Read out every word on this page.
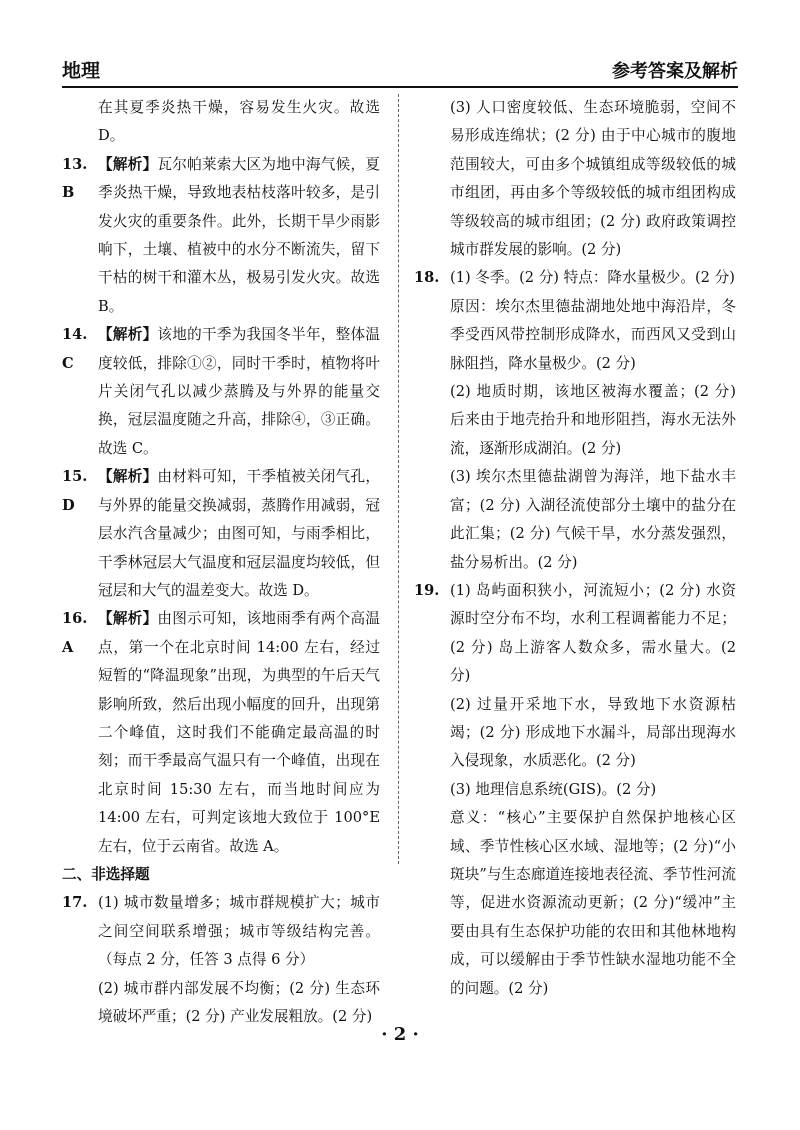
地理	参考答案及解析

在其夏季炎热干燥，容易发生火灾。故选 D。

13. B
【解析】瓦尔帕莱索大区为地中海气候，夏季炎热干燥，导致地表枯枝落叶较多，是引发火灾的重要条件。此外，长期干旱少雨影响下，土壤、植被中的水分不断流失，留下干枯的树干和灌木丛，极易引发火灾。故选 B。
14. C
【解析】该地的干季为我国冬半年，整体温度较低，排除①②，同时干季时，植物将叶片关闭气孔以减少蒸腾及与外界的能量交换，冠层温度随之升高，排除④，③正确。故选 C。
15. D
【解析】由材料可知，干季植被关闭气孔，与外界的能量交换减弱，蒸腾作用减弱，冠层水汽含量减少；由图可知，与雨季相比，干季林冠层大气温度和冠层温度均较低，但冠层和大气的温差变大。故选 D。
16. A
【解析】由图示可知，该地雨季有两个高温点，第一个在北京时间 14:00 左右，经过短暂的“降温现象”出现，为典型的午后天气影响所致，然后出现小幅度的回升，出现第二个峰值，这时我们不能确定最高温的时刻；而干季最高气温只有一个峰值，出现在北京时间 15:30 左右，而当地时间应为 14:00 左右，可判定该地大致位于 100°E 左右，位于云南省。故选 A。

二、非选择题

17. (1) 城市数量增多；城市群规模扩大；城市之间空间联系增强；城市等级结构完善。（每点 2 分，任答 3 点得 6 分）

(2) 城市群内部发展不均衡；(2 分) 生态环境破坏严重；(2 分) 产业发展粗放。(2 分)

(3) 人口密度较低、生态环境脆弱，空间不易形成连绵状；(2 分) 由于中心城市的腹地范围较大，可由多个城镇组成等级较低的城市组团，再由多个等级较低的城市组团构成等级较高的城市组团；(2 分) 政府政策调控城市群发展的影响。(2 分)

18. (1) 冬季。(2 分) 特点：降水量极少。(2 分)

原因：埃尔杰里德盐湖地处地中海沿岸，冬季受西风带控制形成降水，而西风又受到山脉阻挡，降水量极少。(2 分)

(2) 地质时期，该地区被海水覆盖；(2 分) 后来由于地壳抬升和地形阻挡，海水无法外流，逐渐形成湖泊。(2 分)

(3) 埃尔杰里德盐湖曾为海洋，地下盐水丰富；(2 分) 入湖径流使部分土壤中的盐分在此汇集；(2 分) 气候干旱，水分蒸发强烈，盐分易析出。(2 分)

19. (1) 岛屿面积狭小，河流短小；(2 分) 水资源时空分布不均，水利工程调蓄能力不足；(2 分) 岛上游客人数众多，需水量大。(2 分)

(2) 过量开采地下水，导致地下水资源枯竭；(2 分) 形成地下水漏斗，局部出现海水入侵现象，水质恶化。(2 分)

(3) 地理信息系统(GIS)。(2 分)

意义：“核心”主要保护自然保护地核心区域、季节性核心区水域、湿地等；(2 分)“小斑块”与生态廊道连接地表径流、季节性河流等，促进水资源流动更新；(2 分)“缓冲”主要由具有生态保护功能的农田和其他林地构成，可以缓解由于季节性缺水湿地功能不全的问题。(2 分)

· 2 ·
